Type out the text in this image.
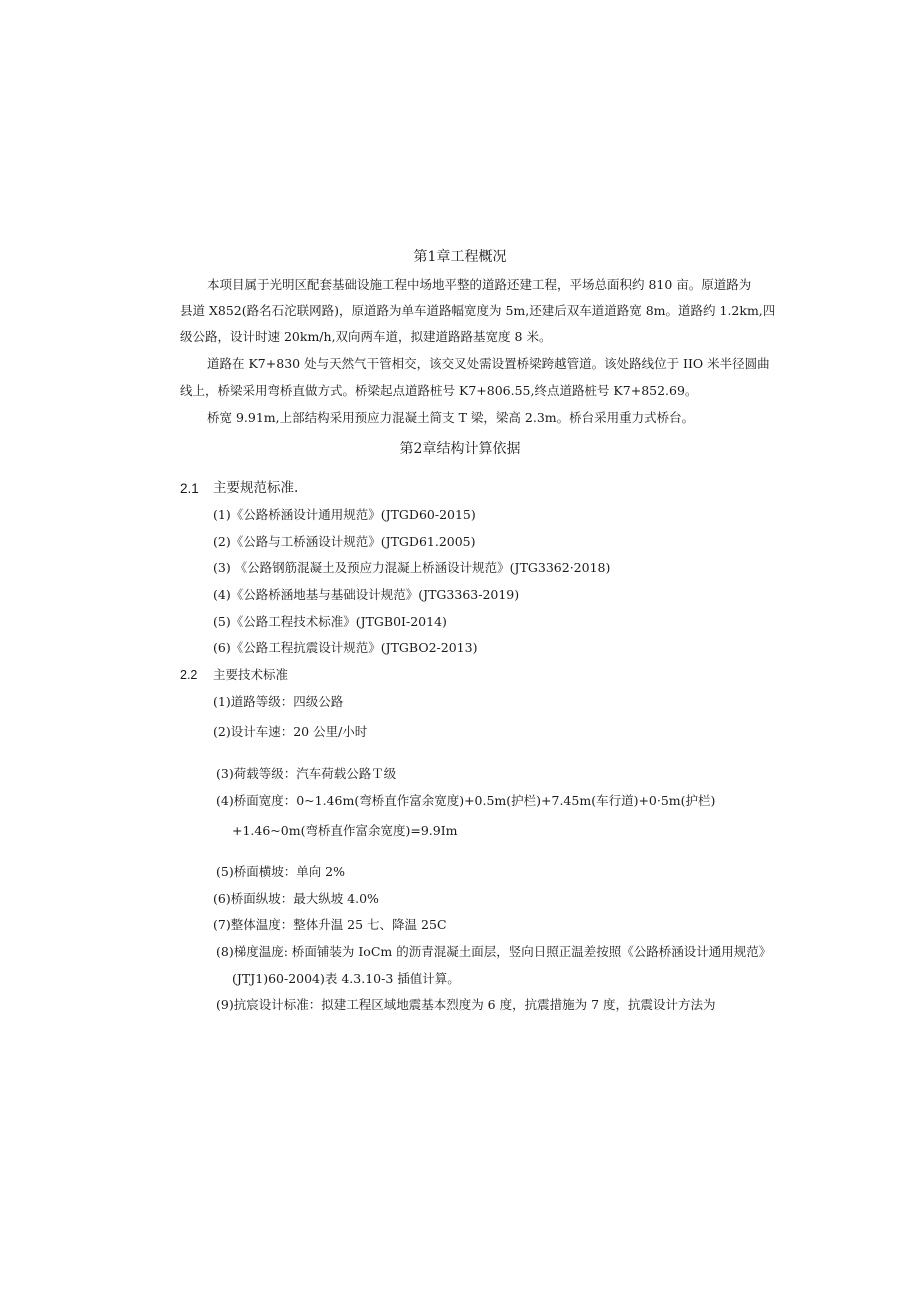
第1章工程概况
本项目属于光明区配套基础设施工程中场地平整的道路还建工程，平场总面积约 810 亩。原道路为
县道 X852(路名石沱联网路)，原道路为单车道路幅宽度为 5m,还建后双车道道路宽 8m。道路约 1.2km,四
级公路，设计时速 20km/h,双向两车道，拟建道路路基宽度 8 米。
道路在 K7+830 处与天然气干管相交，该交叉处需设置桥梁跨越管道。该处路线位于 IIO 米半径圆曲
线上，桥梁采用弯桥直做方式。桥梁起点道路桩号 K7+806.55,终点道路桩号 K7+852.69。
桥宽 9.91m,上部结构采用预应力混凝土简支 T 梁，梁高 2.3m。桥台采用重力式桥台。
第2章结构计算依据
2.1 主要规范标准.
(1)《公路桥涵设计通用规范》(JTGD60-2015)
(2)《公路与工桥涵设计规范》(JTGD61.2005)
(3) 《公路钢筋混凝土及预应力混凝上桥涵设计规范》(JTG3362·2018)
(4)《公路桥涵地基与基础设计规范》(JTG3363-2019)
(5)《公路工程技术标准》(JTGB0I-2014)
(6)《公路工程抗震设计规范》(JTGBO2-2013)
2.2 主要技术标准
(1)道路等级：四级公路
(2)设计车速：20 公里/小时
(3)荷载等级：汽车荷载公路Ｔ级
(4)桥面宽度：0~1.46m(弯桥直作富余宽度)+0.5m(护栏)+7.45m(车行道)+0·5m(护栏)
+1.46~0m(弯桥直作富余宽度)=9.9Im
(5)桥面横坡：单向 2%
(6)桥面纵坡：最大纵坡 4.0%
(7)整体温度：整体升温 25 七、降温 25C
(8)梯度温庞: 桥面铺装为 IoCm 的沥青混凝土面层，竖向日照正温差按照《公路桥涵设计通用规范》
(JTJ1)60-2004)表 4.3.10-3 插值计算。
(9)抗宸设计标准：拟建工程区域地震基本烈度为 6 度，抗震措施为 7 度，抗震设计方法为
